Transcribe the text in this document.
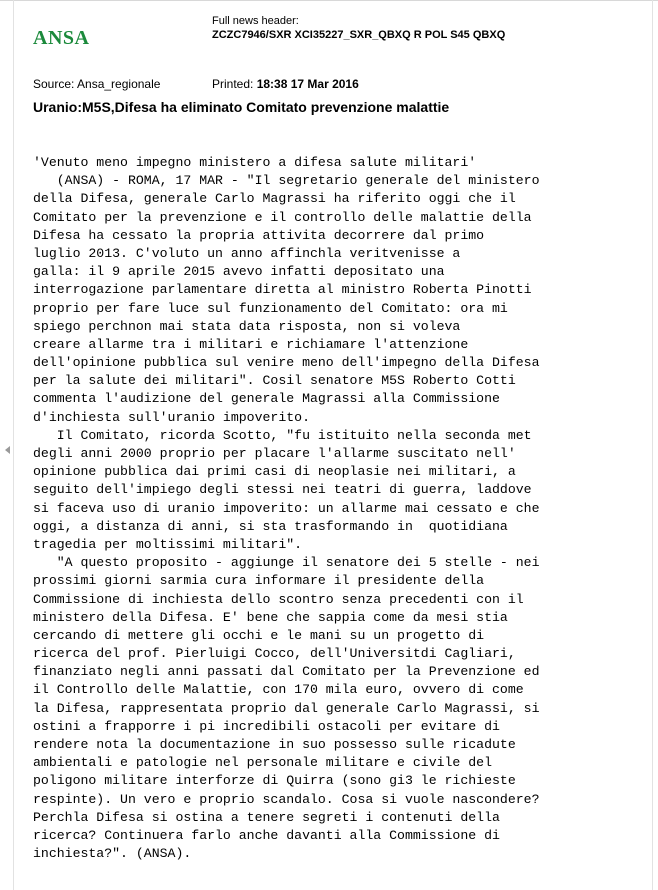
ANSA
Full news header:
ZCZC7946/SXR XCI35227_SXR_QBXQ R POL S45 QBXQ
Source: Ansa_regionale	Printed: 18:38 17 Mar 2016
Uranio:M5S,Difesa ha eliminato Comitato prevenzione malattie
'Venuto meno impegno ministero a difesa salute militari'
(ANSA) - ROMA, 17 MAR - "Il segretario generale del ministero
della Difesa, generale Carlo Magrassi ha riferito oggi che il
Comitato per la prevenzione e il controllo delle malattie della
Difesa ha cessato la propria attivita decorrere dal primo
luglio 2013. C'voluto un anno affinchla veritvenisse a
galla: il 9 aprile 2015 avevo infatti depositato una
interrogazione parlamentare diretta al ministro Roberta Pinotti
proprio per fare luce sul funzionamento del Comitato: ora mi
spiego perchnon mai stata data risposta, non si voleva
creare allarme tra i militari e richiamare l'attenzione
dell'opinione pubblica sul venire meno dell'impegno della Difesa
per la salute dei militari". Cosil senatore M5S Roberto Cotti
commenta l'audizione del generale Magrassi alla Commissione
d'inchiesta sull'uranio impoverito.
Il Comitato, ricorda Scotto, "fu istituito nella seconda met
degli anni 2000 proprio per placare l'allarme suscitato nell'
opinione pubblica dai primi casi di neoplasie nei militari, a
seguito dell'impiego degli stessi nei teatri di guerra, laddove
si faceva uso di uranio impoverito: un allarme mai cessato e che
oggi, a distanza di anni, si sta trasformando in  quotidiana
tragedia per moltissimi militari".
"A questo proposito - aggiunge il senatore dei 5 stelle - nei
prossimi giorni sarmia cura informare il presidente della
Commissione di inchiesta dello scontro senza precedenti con il
ministero della Difesa. E' bene che sappia come da mesi stia
cercando di mettere gli occhi e le mani su un progetto di
ricerca del prof. Pierluigi Cocco, dell'Universitdi Cagliari,
finanziato negli anni passati dal Comitato per la Prevenzione ed
il Controllo delle Malattie, con 170 mila euro, ovvero di come
la Difesa, rappresentata proprio dal generale Carlo Magrassi, si
ostini a frapporre i pi incredibili ostacoli per evitare di
rendere nota la documentazione in suo possesso sulle ricadute
ambientali e patologie nel personale militare e civile del
poligono militare interforze di Quirra (sono gi3 le richieste
respinte). Un vero e proprio scandalo. Cosa si vuole nascondere?
Perchla Difesa si ostina a tenere segreti i contenuti della
ricerca? Continuera farlo anche davanti alla Commissione di
inchiesta?". (ANSA).
